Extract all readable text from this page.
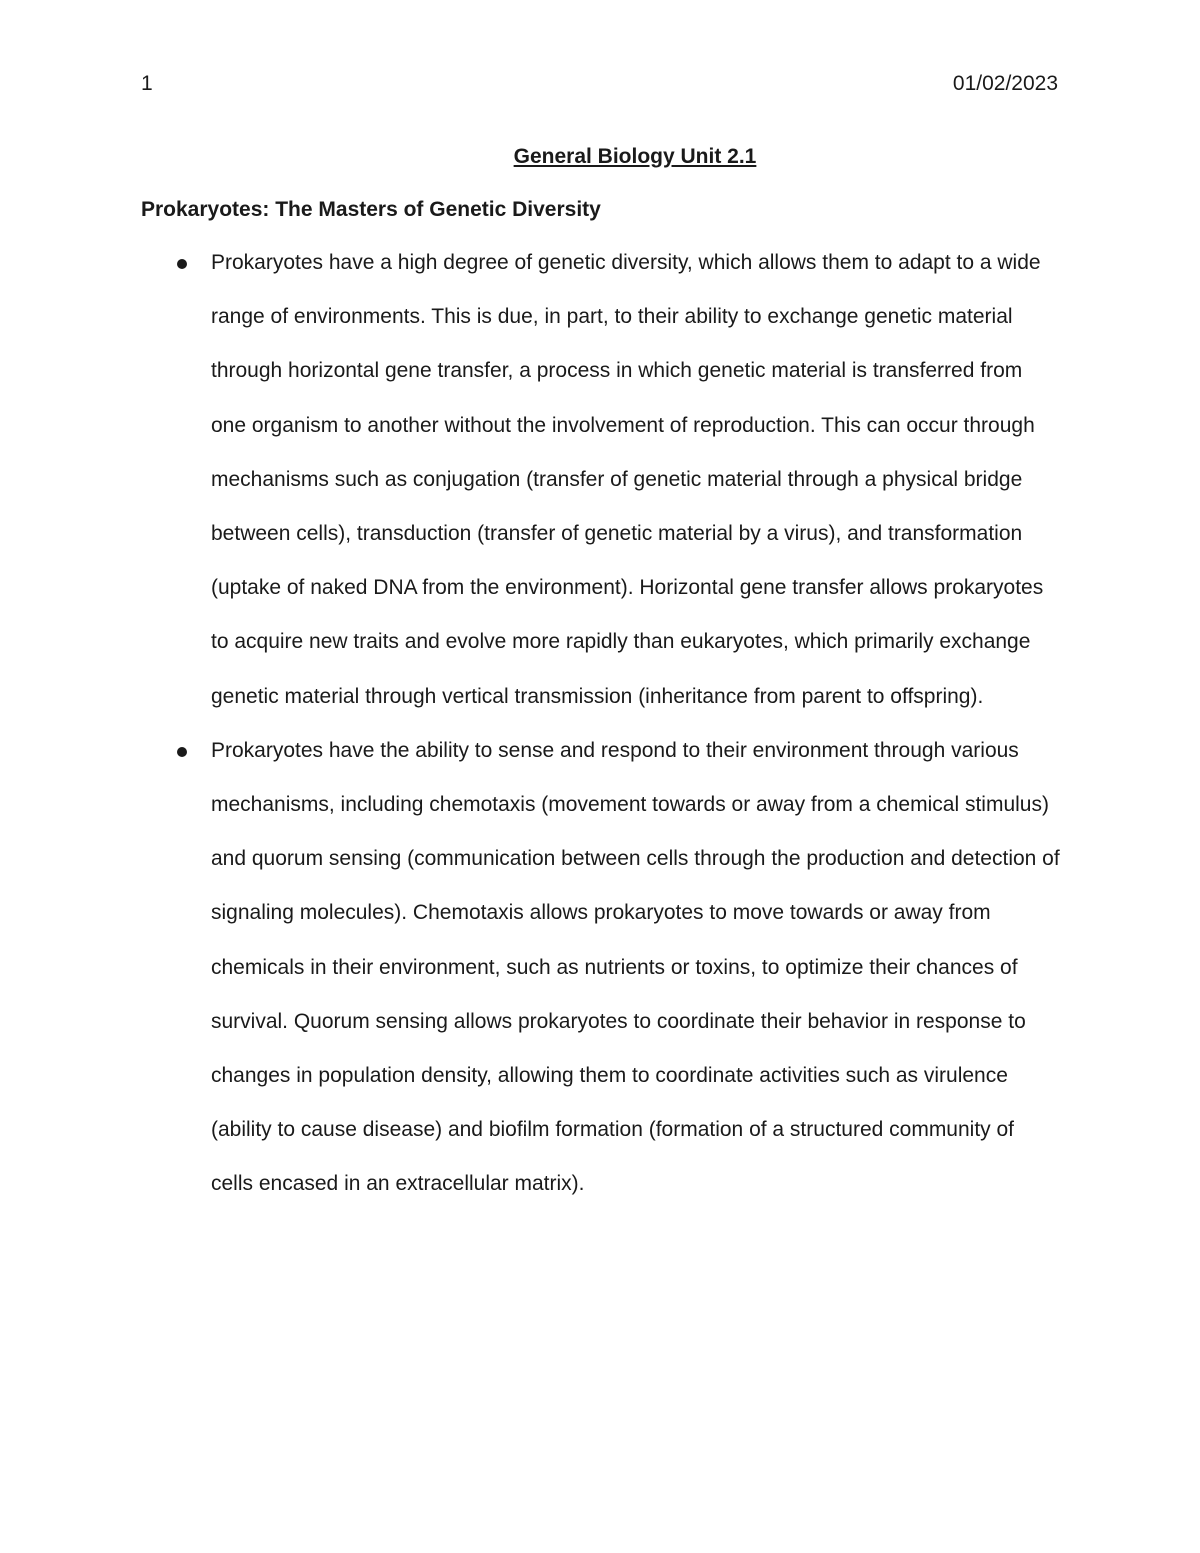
1	01/02/2023
General Biology Unit 2.1
Prokaryotes: The Masters of Genetic Diversity
Prokaryotes have a high degree of genetic diversity, which allows them to adapt to a wide range of environments. This is due, in part, to their ability to exchange genetic material through horizontal gene transfer, a process in which genetic material is transferred from one organism to another without the involvement of reproduction. This can occur through mechanisms such as conjugation (transfer of genetic material through a physical bridge between cells), transduction (transfer of genetic material by a virus), and transformation (uptake of naked DNA from the environment). Horizontal gene transfer allows prokaryotes to acquire new traits and evolve more rapidly than eukaryotes, which primarily exchange genetic material through vertical transmission (inheritance from parent to offspring).
Prokaryotes have the ability to sense and respond to their environment through various mechanisms, including chemotaxis (movement towards or away from a chemical stimulus) and quorum sensing (communication between cells through the production and detection of signaling molecules). Chemotaxis allows prokaryotes to move towards or away from chemicals in their environment, such as nutrients or toxins, to optimize their chances of survival. Quorum sensing allows prokaryotes to coordinate their behavior in response to changes in population density, allowing them to coordinate activities such as virulence (ability to cause disease) and biofilm formation (formation of a structured community of cells encased in an extracellular matrix).
